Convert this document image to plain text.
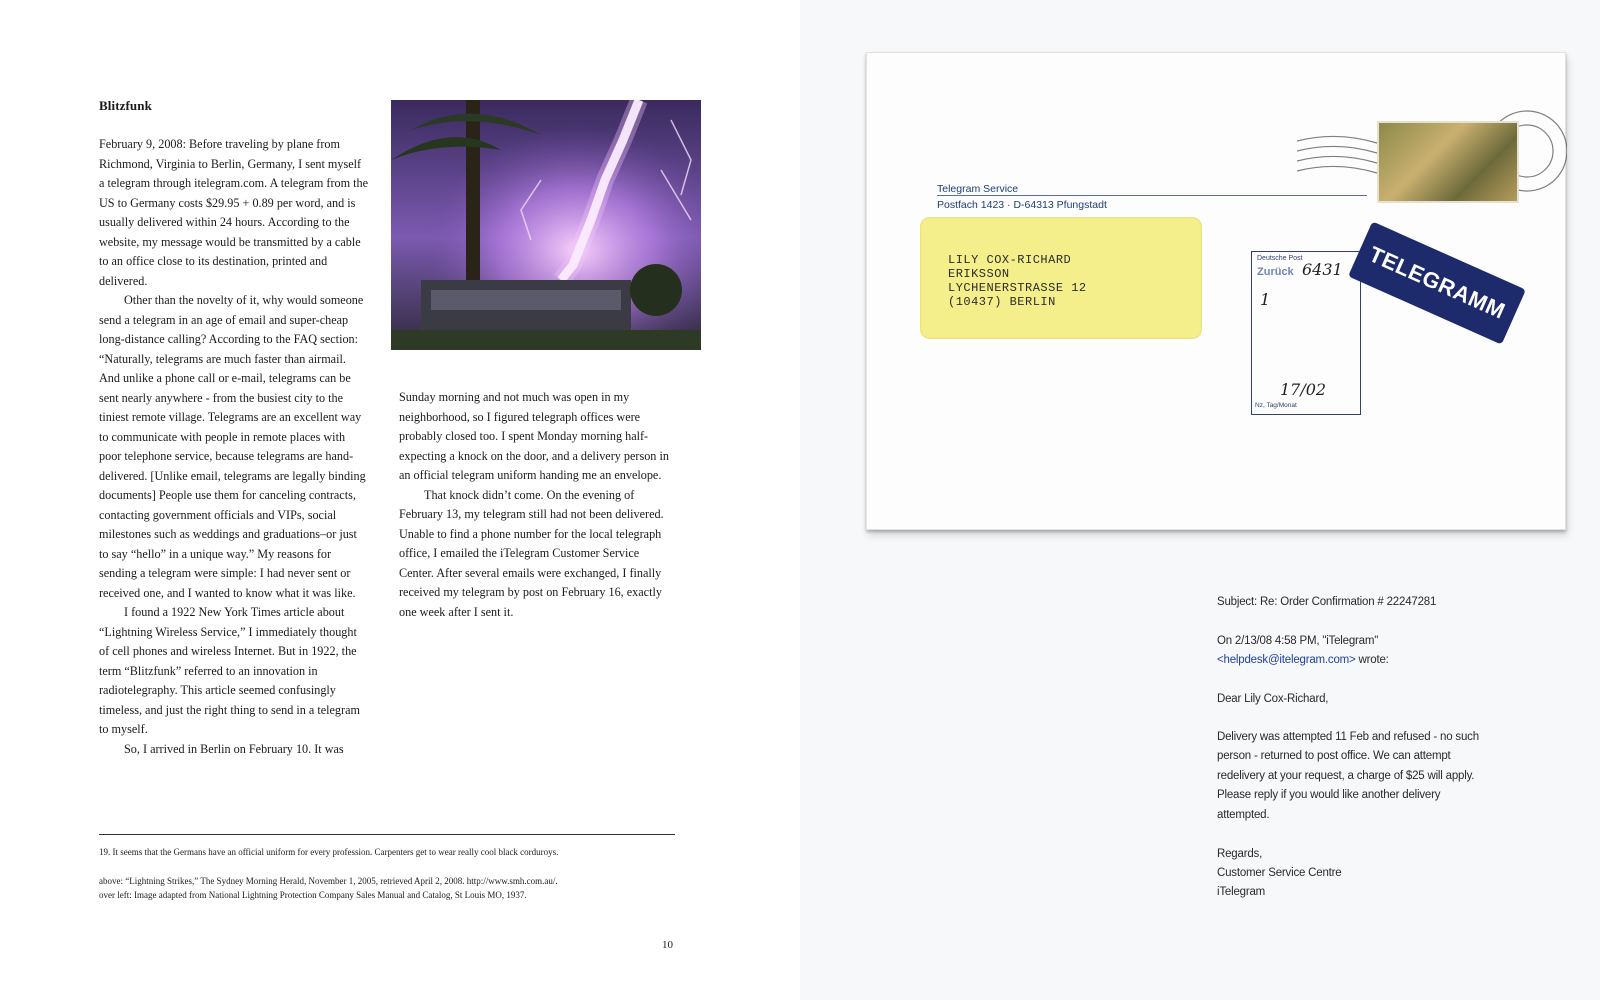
Blitzfunk

February 9, 2008: Before traveling by plane from Richmond, Virginia to Berlin, Germany, I sent myself a telegram through itelegram.com. A telegram from the US to Germany costs $29.95 + 0.89 per word, and is usually delivered within 24 hours. According to the website, my message would be transmitted by a cable to an office close to its destination, printed and delivered.

Other than the novelty of it, why would someone send a telegram in an age of email and super-cheap long-distance calling? According to the FAQ section: “Naturally, telegrams are much faster than airmail. And unlike a phone call or e-mail, telegrams can be sent nearly anywhere - from the busiest city to the tiniest remote village. Telegrams are an excellent way to communicate with people in remote places with poor telephone service, because telegrams are hand-delivered. [Unlike email, telegrams are legally binding documents] People use them for canceling contracts, contacting government officials and VIPs, social milestones such as weddings and graduations–or just to say “hello” in a unique way.” My reasons for sending a telegram were simple: I had never sent or received one, and I wanted to know what it was like.

I found a 1922 New York Times article about “Lightning Wireless Service,” I immediately thought of cell phones and wireless Internet. But in 1922, the term “Blitzfunk” referred to an innovation in radiotelegraphy. This article seemed confusingly timeless, and just the right thing to send in a telegram to myself.

So, I arrived in Berlin on February 10. It was

Sunday morning and not much was open in my neighborhood, so I figured telegraph offices were probably closed too. I spent Monday morning half-expecting a knock on the door, and a delivery person in an official telegram uniform handing me an envelope.

That knock didn’t come. On the evening of February 13, my telegram still had not been delivered. Unable to find a phone number for the local telegraph office, I emailed the iTelegram Customer Service Center. After several emails were exchanged, I finally received my telegram by post on February 16, exactly one week after I sent it.

19. It seems that the Germans have an official uniform for every profession. Carpenters get to wear really cool black corduroys.

above: “Lightning Strikes,” The Sydney Morning Herald, November 1, 2005, retrieved April 2, 2008. http://www.smh.com.au/.

over left: Image adapted from National Lightning Protection Company Sales Manual and Catalog, St Louis MO, 1937.

10
Telegram Service
Postfach 1423 · D-64313 Pfungstadt
LILY COX-RICHARD
ERIKSSON
LYCHENERSTRASSE 12
(10437) BERLIN
Deutsche Post
Zurück 6431
1
17/02
Nz, Tag/Monat
TELEGRAMM
Subject: Re: Order Confirmation # 22247281
On 2/13/08 4:58 PM, "iTelegram"
<helpdesk@itelegram.com> wrote:
Dear Lily Cox-Richard,
Delivery was attempted 11 Feb and refused - no such
person - returned to post office. We can attempt
redelivery at your request, a charge of $25 will apply.
Please reply if you would like another delivery
attempted.
Regards,
Customer Service Centre
iTelegram
